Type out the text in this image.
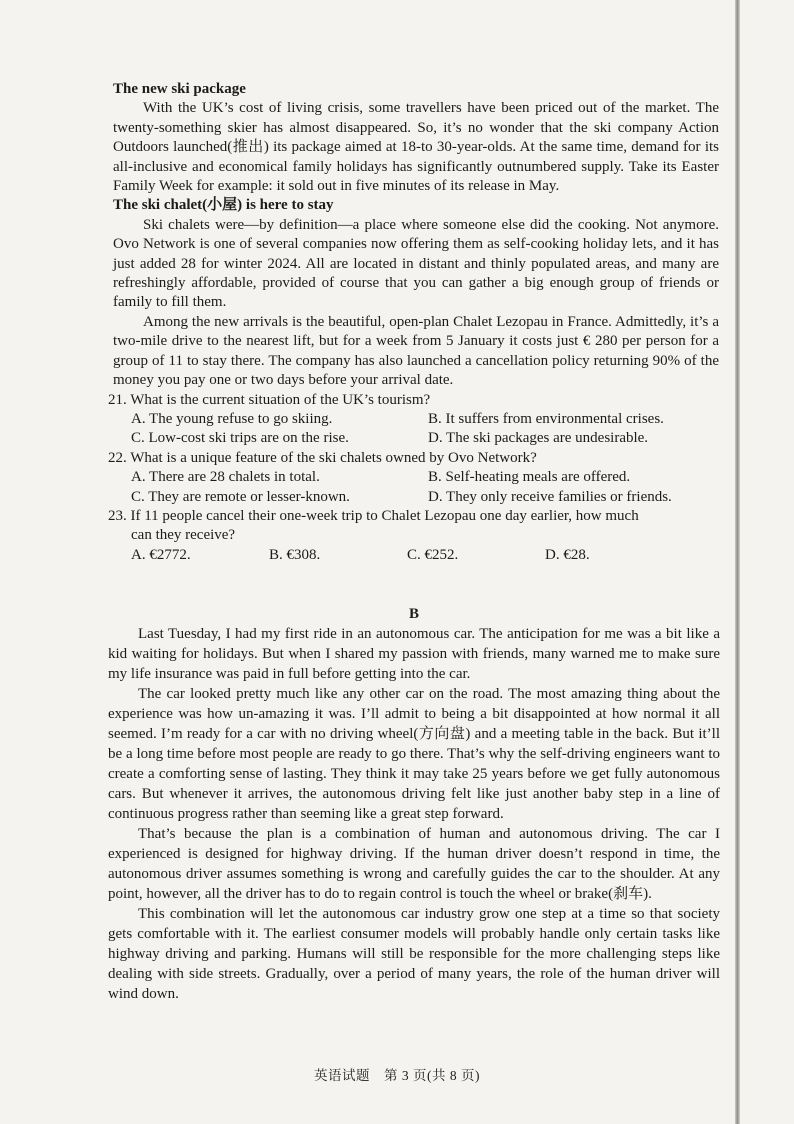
The new ski package

With the UK’s cost of living crisis, some travellers have been priced out of the market. The twenty-something skier has almost disappeared. So, it’s no wonder that the ski company Action Outdoors launched(推出) its package aimed at 18-to 30-year-olds. At the same time, demand for its all-inclusive and economical family holidays has significantly outnumbered supply. Take its Easter Family Week for example: it sold out in five minutes of its release in May.

The ski chalet(小屋) is here to stay

Ski chalets were—by definition—a place where someone else did the cooking. Not anymore. Ovo Network is one of several companies now offering them as self-cooking holiday lets, and it has just added 28 for winter 2024. All are located in distant and thinly populated areas, and many are refreshingly affordable, provided of course that you can gather a big enough group of friends or family to fill them.

Among the new arrivals is the beautiful, open-plan Chalet Lezopau in France. Admittedly, it’s a two-mile drive to the nearest lift, but for a week from 5 January it costs just € 280 per person for a group of 11 to stay there. The company has also launched a cancellation policy returning 90% of the money you pay one or two days before your arrival date.

21. What is the current situation of the UK’s tourism?

A. The young refuse to go skiing.	B. It suffers from environmental crises.

C. Low-cost ski trips are on the rise.	D. The ski packages are undesirable.

22. What is a unique feature of the ski chalets owned by Ovo Network?

A. There are 28 chalets in total.	B. Self-heating meals are offered.

C. They are remote or lesser-known.	D. They only receive families or friends.

23. If 11 people cancel their one-week trip to Chalet Lezopau one day earlier, how much

can they receive?

A. €2772.	B. €308.	C. €252.	D. €28.

B

Last Tuesday, I had my first ride in an autonomous car. The anticipation for me was a bit like a kid waiting for holidays. But when I shared my passion with friends, many warned me to make sure my life insurance was paid in full before getting into the car.

The car looked pretty much like any other car on the road. The most amazing thing about the experience was how un-amazing it was. I’ll admit to being a bit disappointed at how normal it all seemed. I’m ready for a car with no driving wheel(方向盘) and a meeting table in the back. But it’ll be a long time before most people are ready to go there. That’s why the self-driving engineers want to create a comforting sense of lasting. They think it may take 25 years before we get fully autonomous cars. But whenever it arrives, the autonomous driving felt like just another baby step in a line of continuous progress rather than seeming like a great step forward.

That’s because the plan is a combination of human and autonomous driving. The car I experienced is designed for highway driving. If the human driver doesn’t respond in time, the autonomous driver assumes something is wrong and carefully guides the car to the shoulder. At any point, however, all the driver has to do to regain control is touch the wheel or brake(刹车).

This combination will let the autonomous car industry grow one step at a time so that society gets comfortable with it. The earliest consumer models will probably handle only certain tasks like highway driving and parking. Humans will still be responsible for the more challenging steps like dealing with side streets. Gradually, over a period of many years, the role of the human driver will wind down.

英语试题　第 3 页(共 8 页)
